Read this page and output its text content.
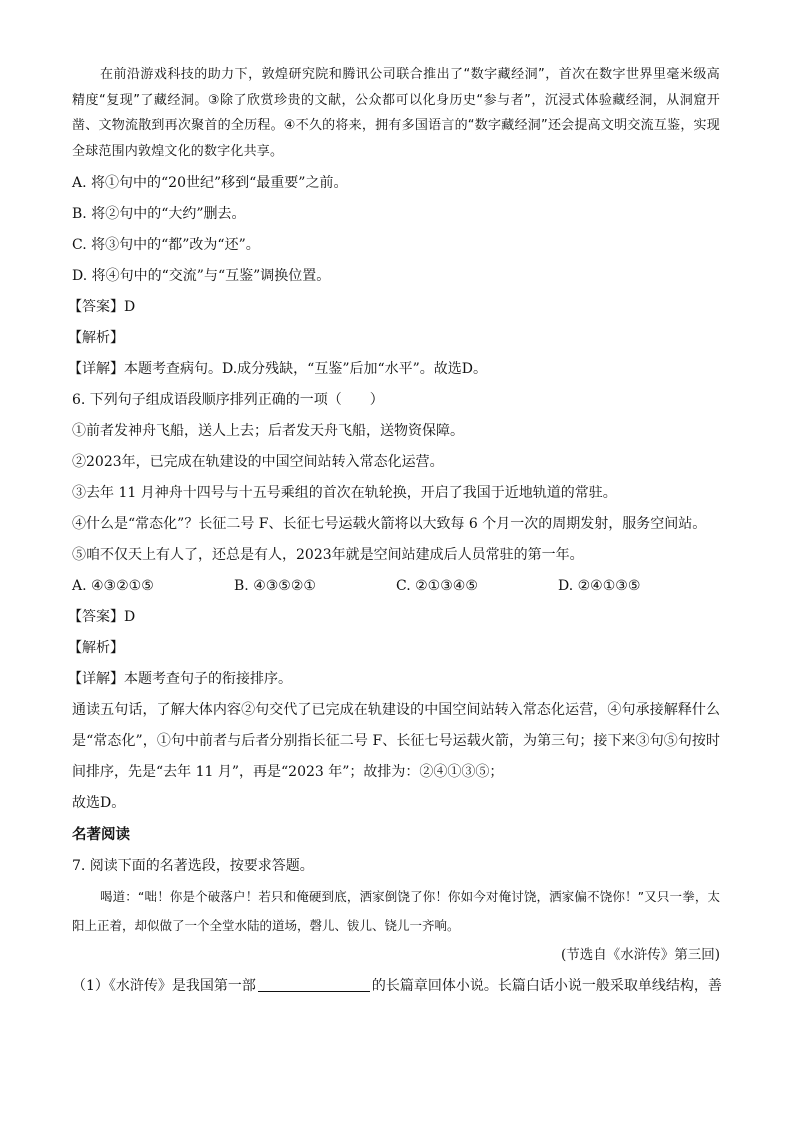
在前沿游戏科技的助力下，敦煌研究院和腾讯公司联合推出了“数字藏经洞”，首次在数字世界里毫米级高精度“复现”了藏经洞。③除了欣赏珍贵的文献，公众都可以化身历史“参与者”，沉浸式体验藏经洞，从洞窟开凿、文物流散到再次聚首的全历程。④不久的将来，拥有多国语言的“数字藏经洞”还会提高文明交流互鉴，实现全球范围内敦煌文化的数字化共享。
A. 将①句中的“20世纪”移到“最重要”之前。
B. 将②句中的“大约”删去。
C. 将③句中的“都”改为“还”。
D. 将④句中的“交流”与“互鉴”调换位置。
【答案】D
【解析】
【详解】本题考查病句。D.成分残缺，“互鉴”后加“水平”。故选D。
6. 下列句子组成语段顺序排列正确的一项（　　）
①前者发神舟飞船，送人上去；后者发天舟飞船，送物资保障。
②2023年，已完成在轨建设的中国空间站转入常态化运营。
③去年 11 月神舟十四号与十五号乘组的首次在轨轮换，开启了我国于近地轨道的常驻。
④什么是“常态化”？长征二号 F、长征七号运载火箭将以大致每 6 个月一次的周期发射，服务空间站。
⑤咱不仅天上有人了，还总是有人，2023年就是空间站建成后人员常驻的第一年。
A. ④③②①⑤	B. ④③⑤②①	C. ②①③④⑤	D. ②④①③⑤
【答案】D
【解析】
【详解】本题考查句子的衔接排序。
通读五句话，了解大体内容②句交代了已完成在轨建设的中国空间站转入常态化运营，④句承接解释什么是“常态化”，①句中前者与后者分别指长征二号 F、长征七号运载火箭，为第三句；接下来③句⑤句按时间排序，先是“去年 11 月”，再是“2023 年”；故排为：②④①③⑤；
故选D。
名著阅读
7. 阅读下面的名著选段，按要求答题。
喝道：“咄！你是个破落户！若只和俺硬到底，洒家倒饶了你！你如今对俺讨饶，洒家偏不饶你！”又只一拳，太阳上正着，却似做了一个全堂水陆的道场，磬儿、钹儿、铙儿一齐响。
(节选自《水浒传》第三回)
（1）《水浒传》是我国第一部	的长篇章回体小说。长篇白话小说一般采取单线结构，善
